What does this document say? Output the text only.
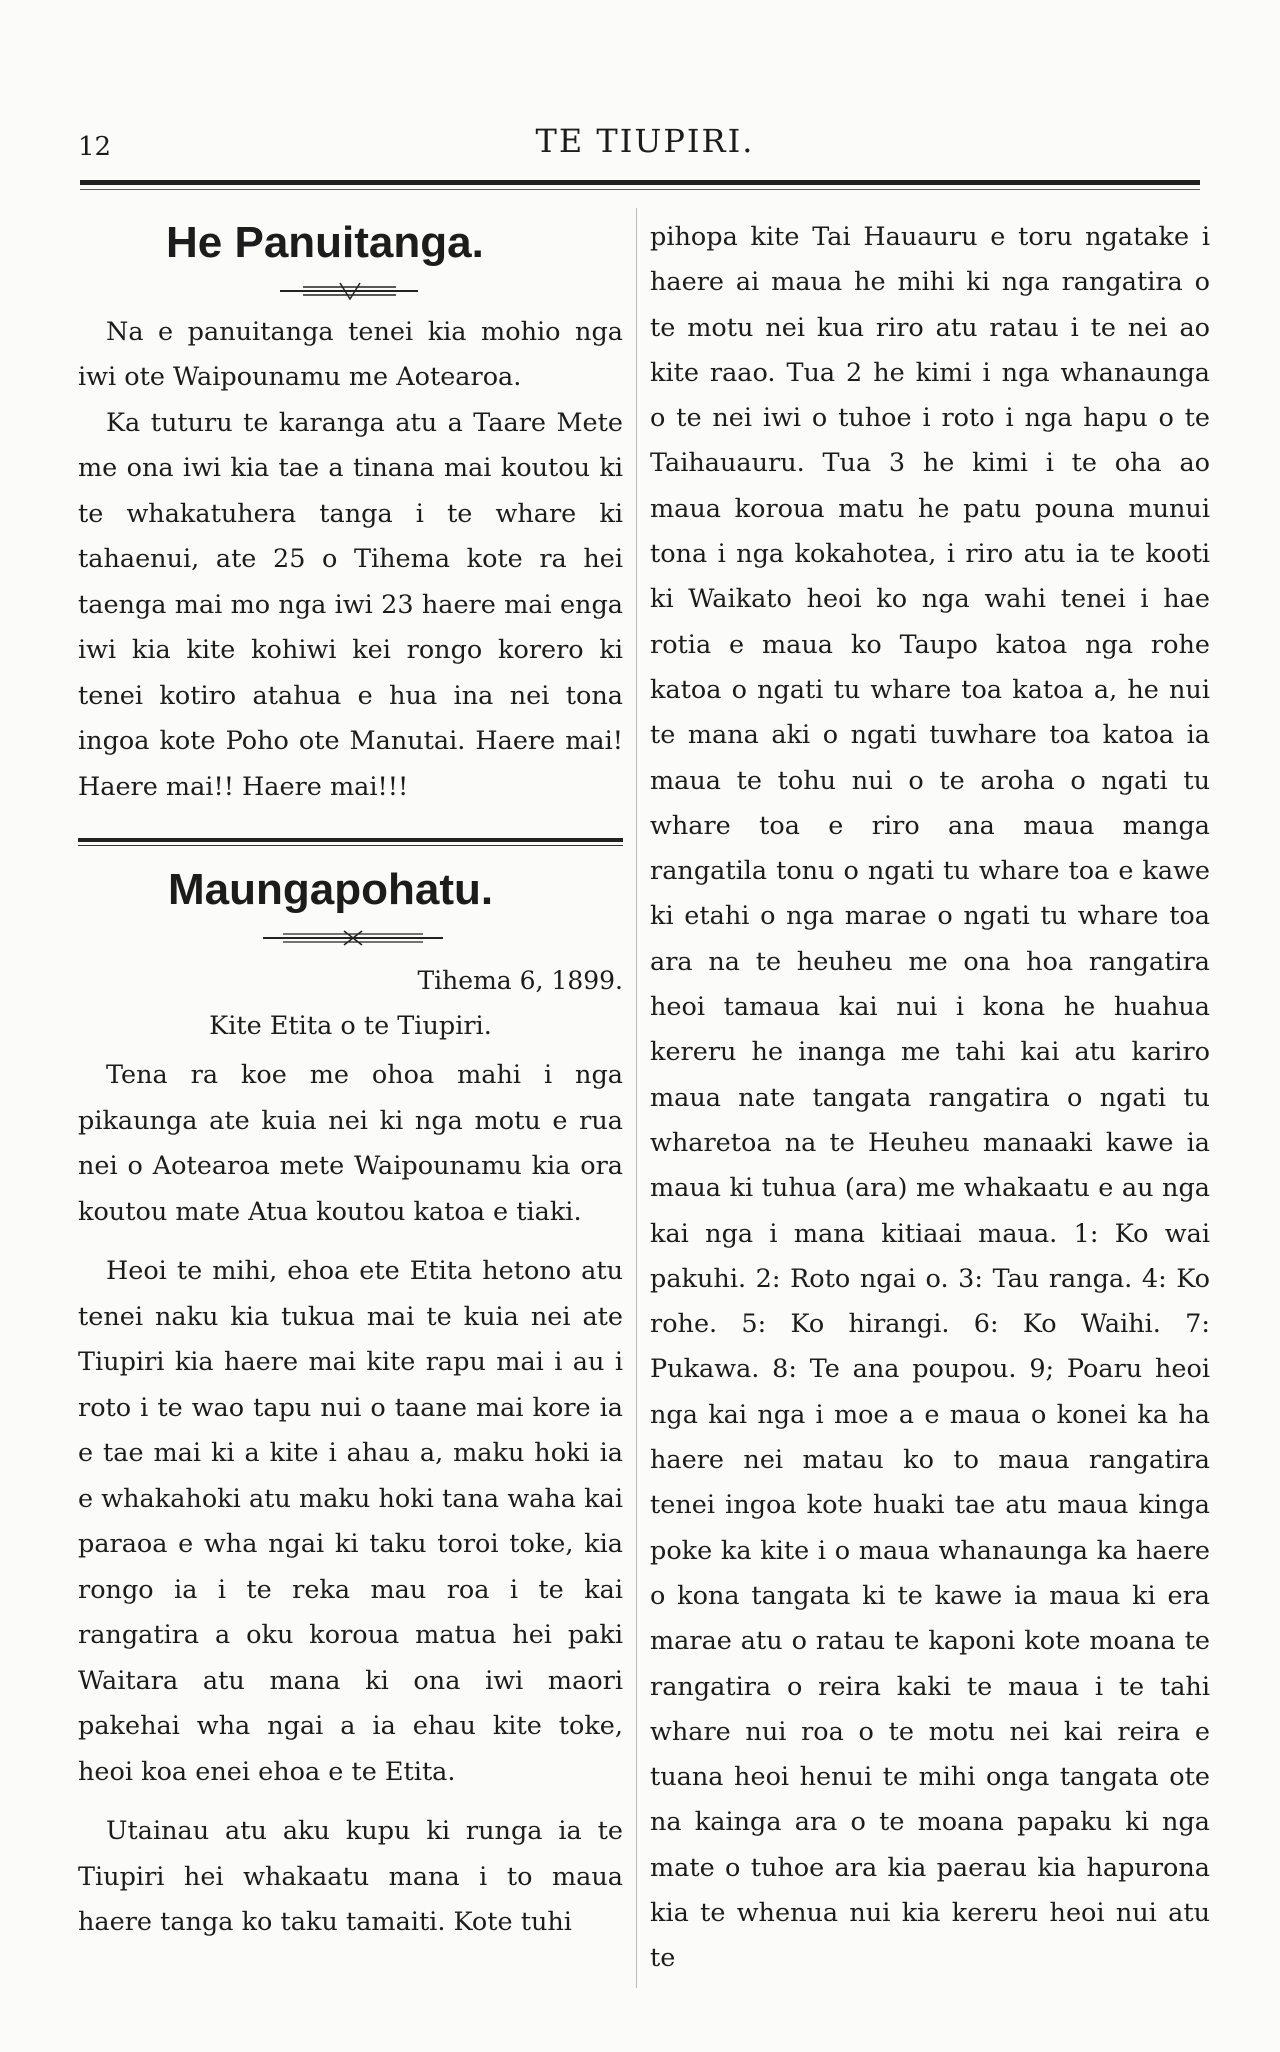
12	TE TIUPIRI.
He Panuitanga.

Na e panuitanga tenei kia mohio nga iwi ote Waipounamu me Aotearoa.

Ka tuturu te karanga atu a Taare Mete me ona iwi kia tae a tinana mai koutou ki te whakatuhera tanga i te whare ki tahaenui, ate 25 o Tihema kote ra hei taenga mai mo nga iwi 23 haere mai enga iwi kia kite kohiwi kei rongo korero ki tenei kotiro atahua e hua ina nei tona ingoa kote Poho ote Manutai. Haere mai! Haere mai!! Haere mai!!!

Maungapohatu.
Tihema 6, 1899.
Kite Etita o te Tiupiri.

Tena ra koe me ohoa mahi i nga pikaunga ate kuia nei ki nga motu e rua nei o Aotearoa mete Waipounamu kia ora koutou mate Atua koutou katoa e tiaki.

Heoi te mihi, ehoa ete Etita hetono atu tenei naku kia tukua mai te kuia nei ate Tiupiri kia haere mai kite rapu mai i au i roto i te wao tapu nui o taane mai kore ia e tae mai ki a kite i ahau a, maku hoki ia e whakahoki atu maku hoki tana waha kai paraoa e wha ngai ki taku toroi toke, kia rongo ia i te reka mau roa i te kai rangatira a oku koroua matua hei paki Waitara atu mana ki ona iwi maori pakehai wha ngai a ia ehau kite toke, heoi koa enei ehoa e te Etita.

Utainau atu aku kupu ki runga ia te Tiupiri hei whakaatu mana i to maua haere tanga ko taku tamaiti. Kote tuhi

pihopa kite Tai Hauauru e toru ngatake i haere ai maua he mihi ki nga rangatira o te motu nei kua riro atu ratau i te nei ao kite raao. Tua 2 he kimi i nga whanaunga o te nei iwi o tuhoe i roto i nga hapu o te Taihauauru. Tua 3 he kimi i te oha ao maua koroua matu he patu pouna munui tona i nga kokahotea, i riro atu ia te kooti ki Waikato heoi ko nga wahi tenei i hae rotia e maua ko Taupo katoa nga rohe katoa o ngati tu whare toa katoa a, he nui te mana aki o ngati tuwhare toa katoa ia maua te tohu nui o te aroha o ngati tu whare toa e riro ana maua manga rangatila tonu o ngati tu whare toa e kawe ki etahi o nga marae o ngati tu whare toa ara na te heuheu me ona hoa rangatira heoi tamaua kai nui i kona he huahua kereru he inanga me tahi kai atu kariro maua nate tangata rangatira o ngati tu wharetoa na te Heuheu manaaki kawe ia maua ki tuhua (ara) me whakaatu e au nga kai nga i mana kitiaai maua. 1: Ko wai pakuhi. 2: Roto ngai o. 3: Tau ranga. 4: Ko rohe. 5: Ko hirangi. 6: Ko Waihi. 7: Pukawa. 8: Te ana poupou. 9; Poaru heoi nga kai nga i moe a e maua o konei ka ha haere nei matau ko to maua rangatira tenei ingoa kote huaki tae atu maua kinga poke ka kite i o maua whanaunga ka haere o kona tangata ki te kawe ia maua ki era marae atu o ratau te kaponi kote moana te rangatira o reira kaki te maua i te tahi whare nui roa o te motu nei kai reira e tuana heoi henui te mihi onga tangata ote na kainga ara o te moana papaku ki nga mate o tuhoe ara kia paerau kia hapurona kia te whenua nui kia kereru heoi nui atu te
